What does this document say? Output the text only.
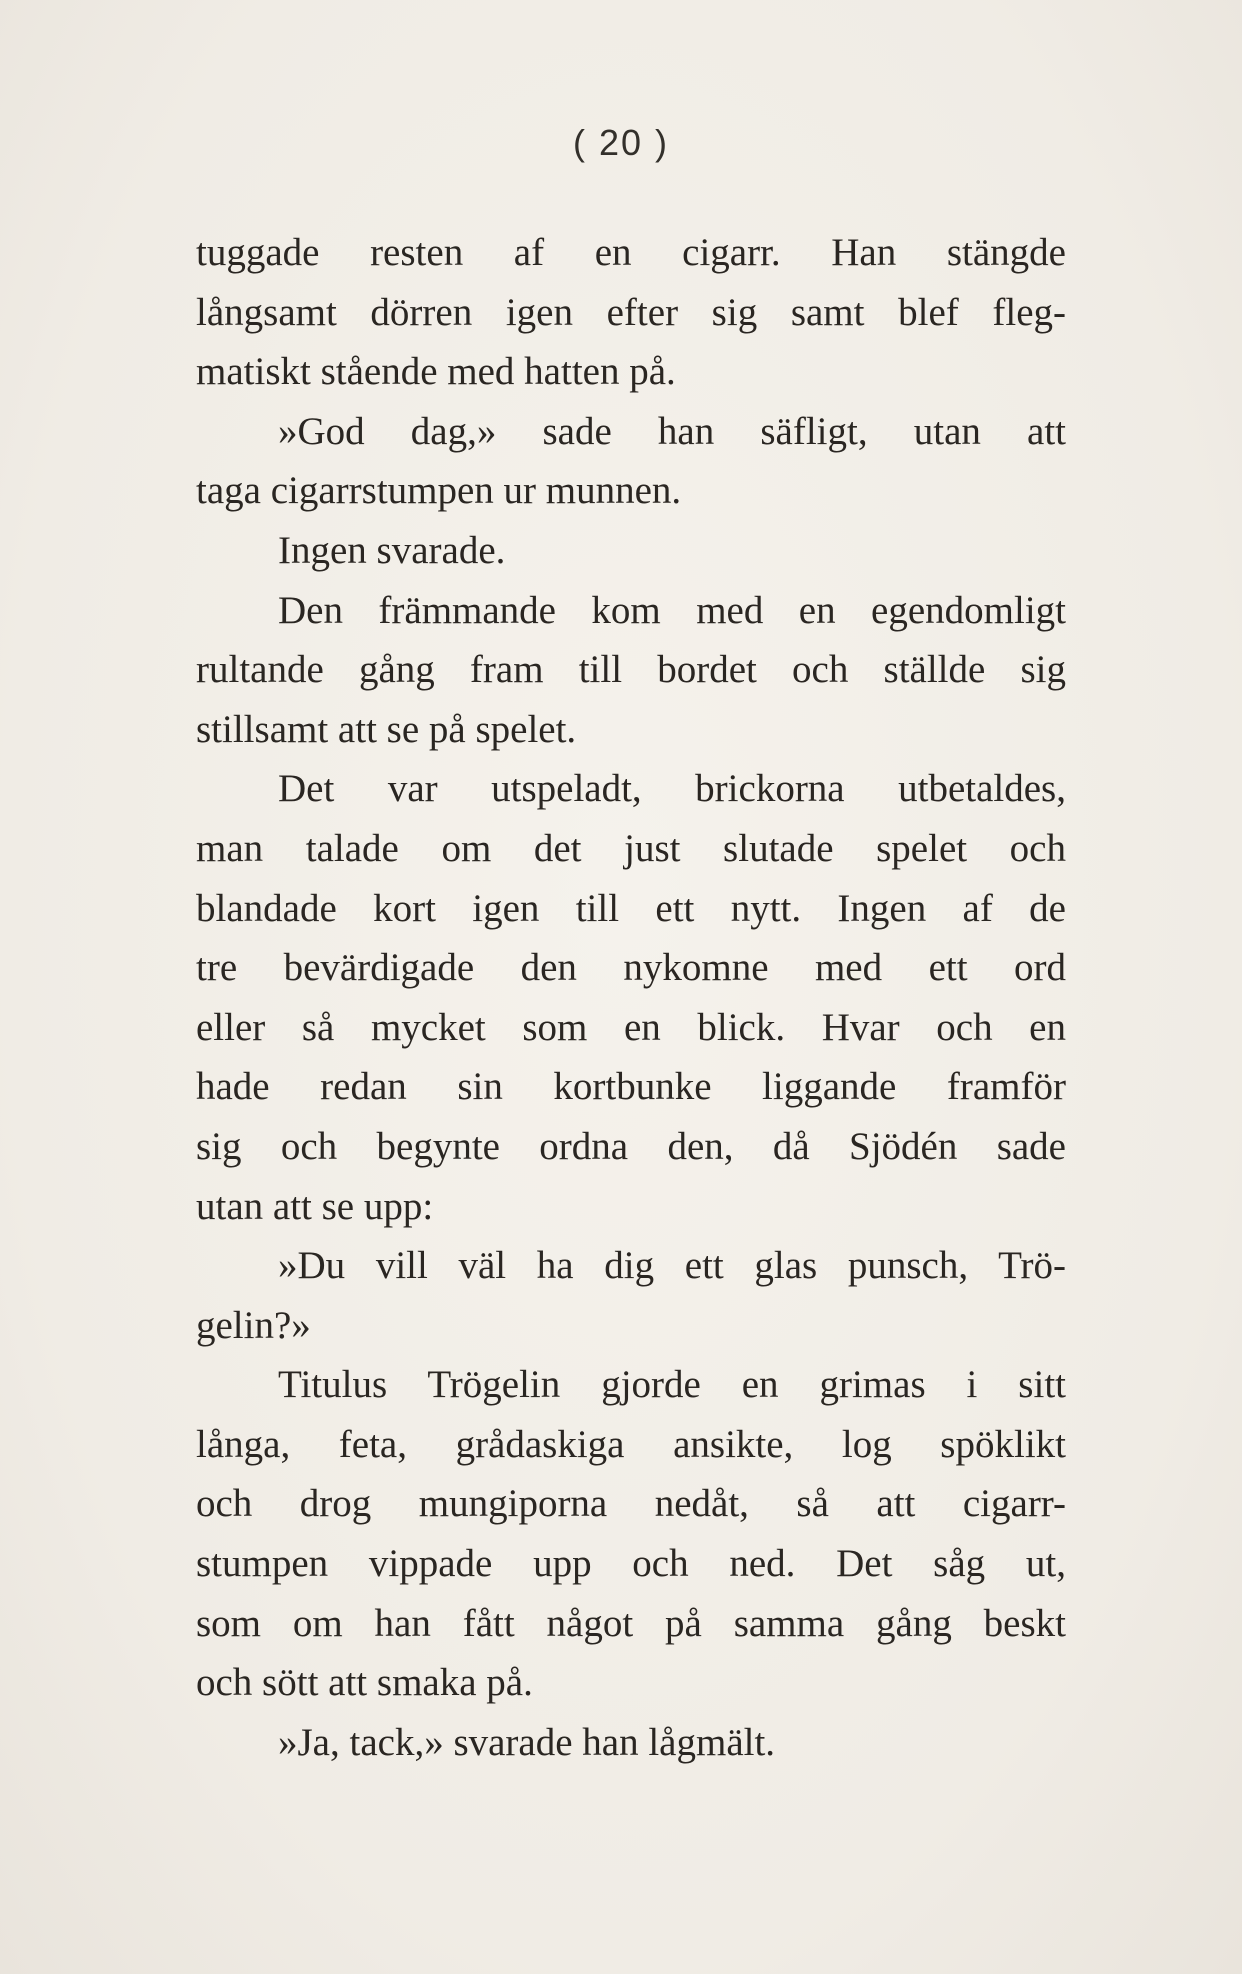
( 20 )
tuggade resten af en cigarr. Han stängde
långsamt dörren igen efter sig samt blef fleg-
matiskt stående med hatten på.
»God dag,» sade han säfligt, utan att
taga cigarrstumpen ur munnen.
Ingen svarade.
Den främmande kom med en egendomligt
rultande gång fram till bordet och ställde sig
stillsamt att se på spelet.
Det var utspeladt, brickorna utbetaldes,
man talade om det just slutade spelet och
blandade kort igen till ett nytt. Ingen af de
tre bevärdigade den nykomne med ett ord
eller så mycket som en blick. Hvar och en
hade redan sin kortbunke liggande framför
sig och begynte ordna den, då Sjödén sade
utan att se upp:
»Du vill väl ha dig ett glas punsch, Trö-
gelin?»
Titulus Trögelin gjorde en grimas i sitt
långa, feta, grådaskiga ansikte, log spöklikt
och drog mungiporna nedåt, så att cigarr-
stumpen vippade upp och ned. Det såg ut,
som om han fått något på samma gång beskt
och sött att smaka på.
»Ja, tack,» svarade han lågmält.
